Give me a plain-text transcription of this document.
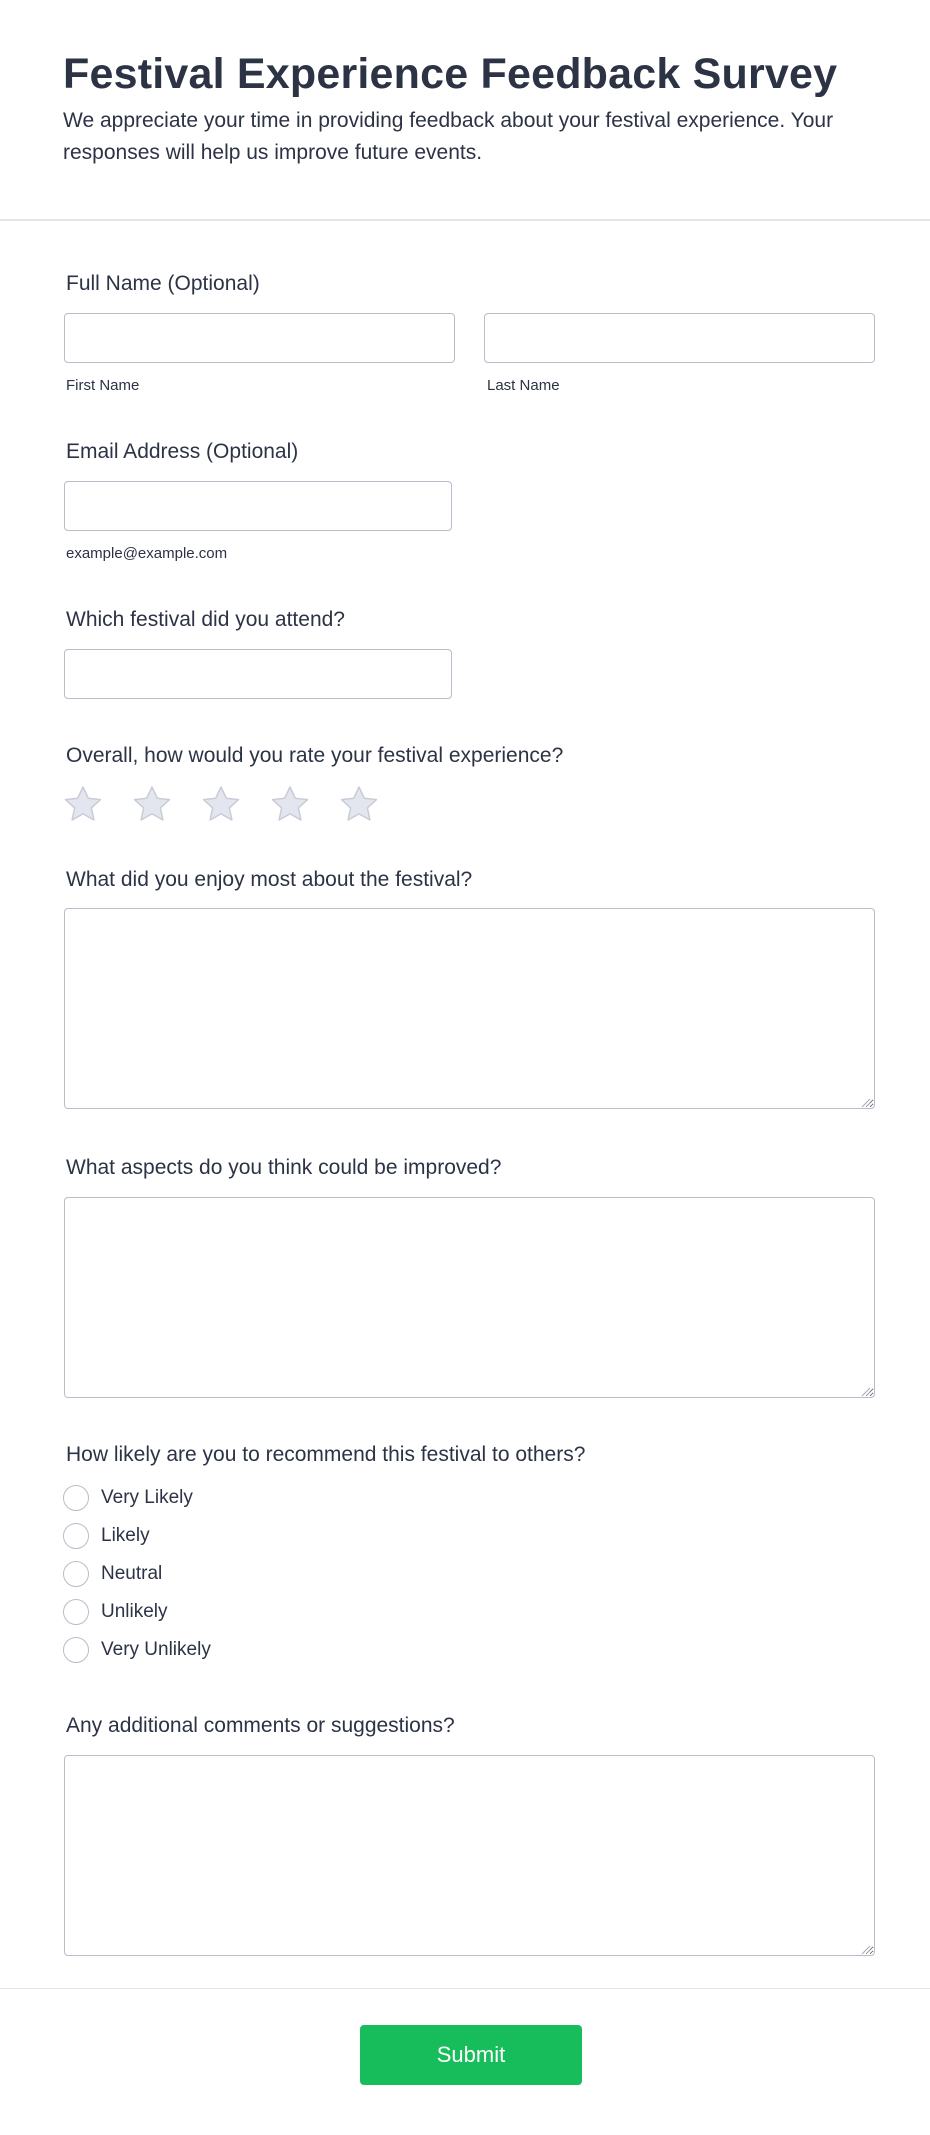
Festival Experience Feedback Survey
We appreciate your time in providing feedback about your festival experience. Your responses will help us improve future events.
Full Name (Optional)
First Name	Last Name
Email Address (Optional)
example@example.com
Which festival did you attend?
Overall, how would you rate your festival experience?
What did you enjoy most about the festival?
What aspects do you think could be improved?
How likely are you to recommend this festival to others?
Very Likely
Likely
Neutral
Unlikely
Very Unlikely
Any additional comments or suggestions?
Submit
